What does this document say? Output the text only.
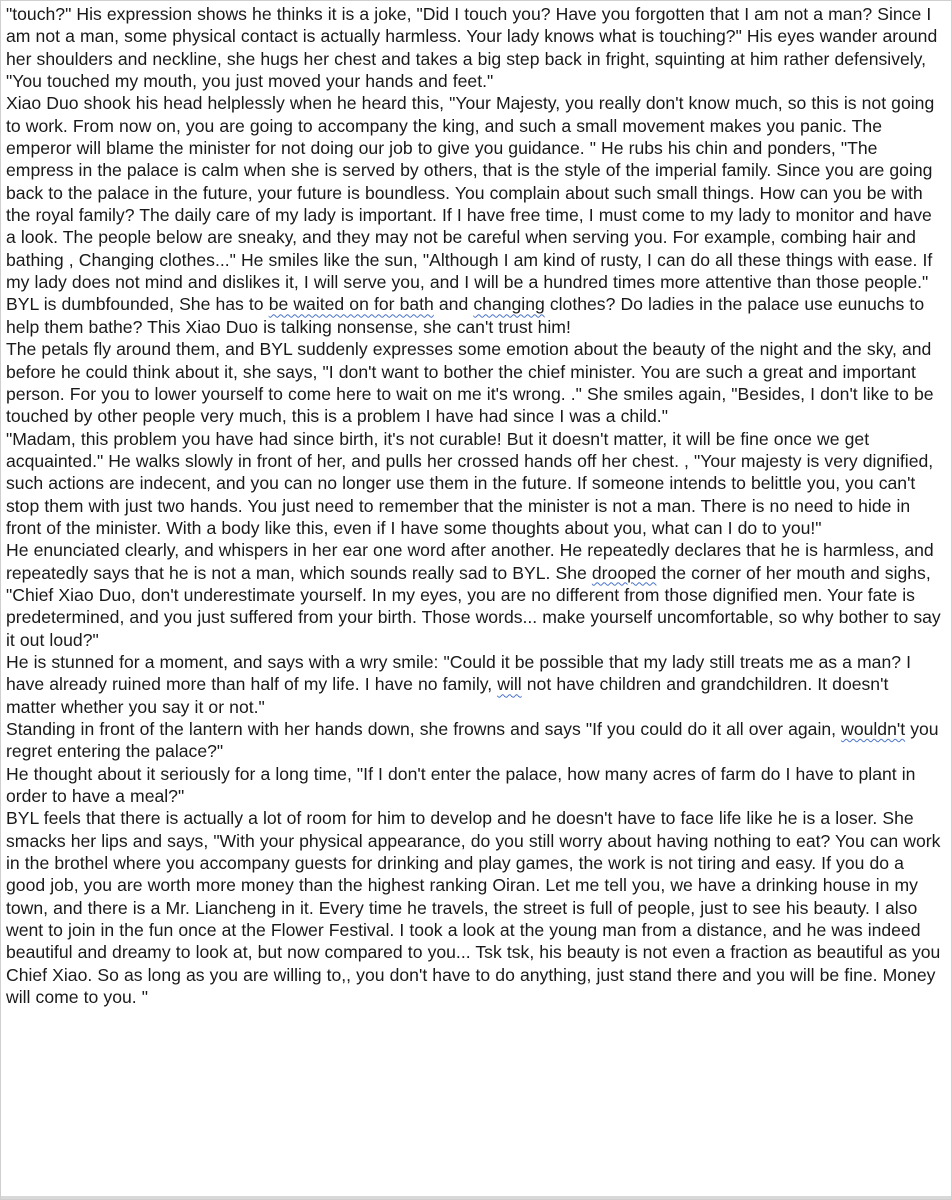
"touch?" His expression shows he thinks it is a joke, "Did I touch you? Have you forgotten that I am not a man? Since I am not a man, some physical contact is actually harmless. Your lady knows what is touching?" His eyes wander around her shoulders and neckline, she hugs her chest and takes a big step back in fright, squinting at him rather defensively, "You touched my mouth, you just moved your hands and feet."

Xiao Duo shook his head helplessly when he heard this, "Your Majesty, you really don't know much, so this is not going to work. From now on, you are going to accompany the king, and such a small movement makes you panic. The emperor will blame the minister for not doing our job to give you guidance. " He rubs his chin and ponders, "The empress in the palace is calm when she is served by others, that is the style of the imperial family. Since you are going back to the palace in the future, your future is boundless. You complain about such small things. How can you be with the royal family? The daily care of my lady is important. If I have free time, I must come to my lady to monitor and have a look. The people below are sneaky, and they may not be careful when serving you. For example, combing hair and bathing , Changing clothes..." He smiles like the sun, "Although I am kind of rusty, I can do all these things with ease. If my lady does not mind and dislikes it, I will serve you, and I will be a hundred times more attentive than those people."

BYL is dumbfounded, She has to be waited on for bath and changing clothes? Do ladies in the palace use eunuchs to help them bathe? This Xiao Duo is talking nonsense, she can't trust him!

The petals fly around them, and BYL suddenly expresses some emotion about the beauty of the night and the sky, and before he could think about it, she says, "I don't want to bother the chief minister. You are such a great and important person. For you to lower yourself to come here to wait on me it's wrong. ." She smiles again, "Besides, I don't like to be touched by other people very much, this is a problem I have had since I was a child."

"Madam, this problem you have had since birth, it's not curable! But it doesn't matter, it will be fine once we get acquainted." He walks slowly in front of her, and pulls her crossed hands off her chest. , "Your majesty is very dignified, such actions are indecent, and you can no longer use them in the future. If someone intends to belittle you, you can't stop them with just two hands. You just need to remember that the minister is not a man. There is no need to hide in front of the minister. With a body like this, even if I have some thoughts about you, what can I do to you!"

He enunciated clearly, and whispers in her ear one word after another. He repeatedly declares that he is harmless, and repeatedly says that he is not a man, which sounds really sad to BYL. She drooped the corner of her mouth and sighs, "Chief Xiao Duo, don't underestimate yourself. In my eyes, you are no different from those dignified men. Your fate is predetermined, and you just suffered from your birth. Those words... make yourself uncomfortable, so why bother to say it out loud?"

He is stunned for a moment, and says with a wry smile: "Could it be possible that my lady still treats me as a man? I have already ruined more than half of my life. I have no family, will not have children and grandchildren. It doesn't matter whether you say it or not."

Standing in front of the lantern with her hands down, she frowns and says "If you could do it all over again, wouldn't you regret entering the palace?"

He thought about it seriously for a long time, "If I don't enter the palace, how many acres of farm do I have to plant in order to have a meal?"

BYL feels that there is actually a lot of room for him to develop and he doesn't have to face life like he is a loser. She smacks her lips and says, "With your physical appearance, do you still worry about having nothing to eat? You can work in the brothel where you accompany guests for drinking and play games, the work is not tiring and easy. If you do a good job, you are worth more money than the highest ranking Oiran. Let me tell you, we have a drinking house in my town, and there is a Mr. Liancheng in it. Every time he travels, the street is full of people, just to see his beauty. I also went to join in the fun once at the Flower Festival. I took a look at the young man from a distance, and he was indeed beautiful and dreamy to look at, but now compared to you... Tsk tsk, his beauty is not even a fraction as beautiful as you Chief Xiao. So as long as you are willing to,, you don't have to do anything, just stand there and you will be fine. Money will come to you. "
